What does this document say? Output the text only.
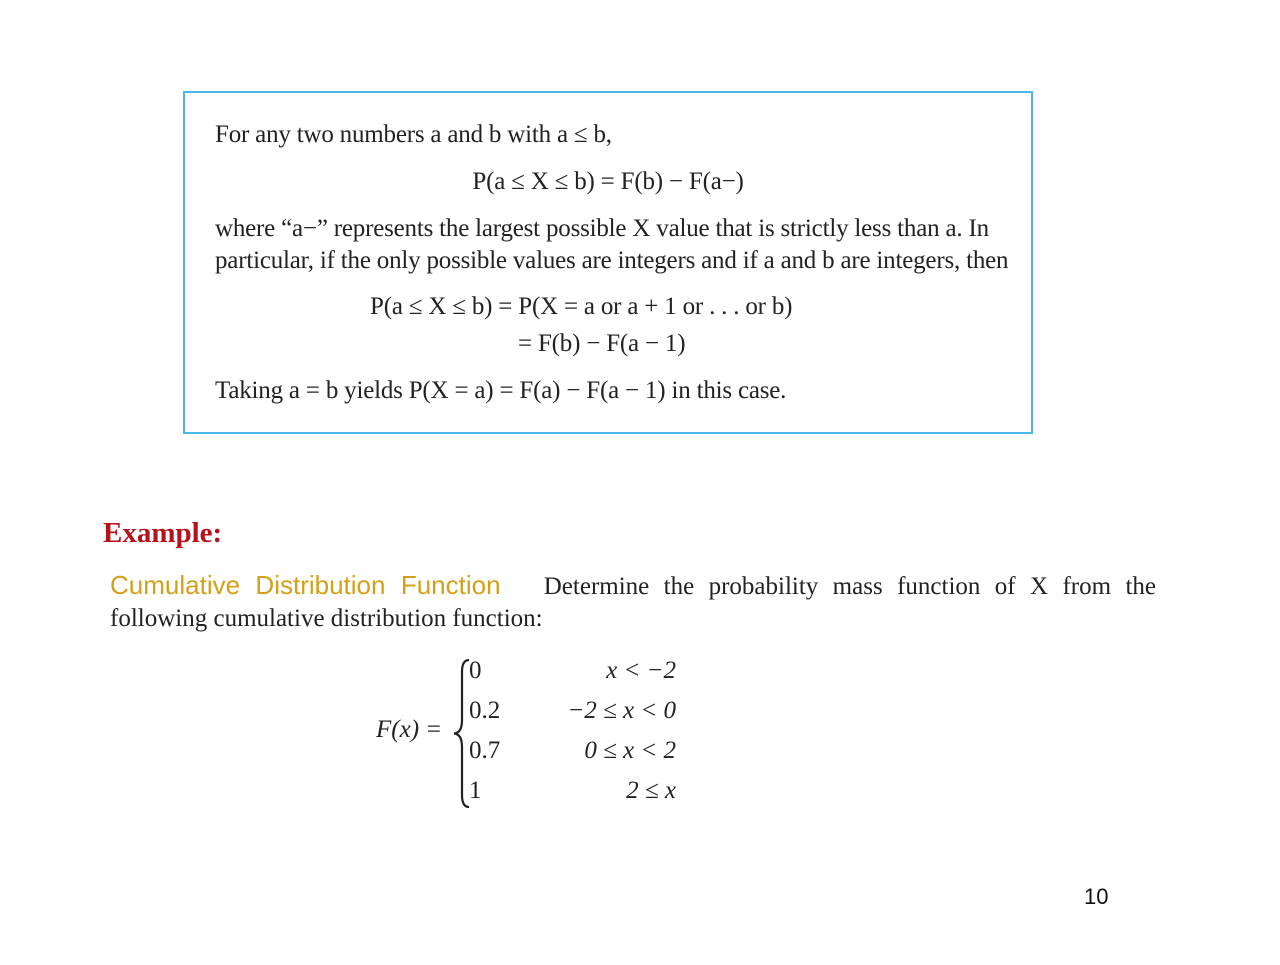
For any two numbers a and b with a ≤ b,
P(a ≤ X ≤ b) = F(b) − F(a−)
where “a−” represents the largest possible X value that is strictly less than a. In
particular, if the only possible values are integers and if a and b are integers, then
P(a ≤ X ≤ b) = P(X = a or a + 1 or . . . or b)
= F(b) − F(a − 1)
Taking a = b yields P(X = a) = F(a) − F(a − 1) in this case.
Example:
Cumulative Distribution Function Determine the probability mass function of X from the
following cumulative distribution function:
F(x) =
0	x < −2
0.2	−2 ≤ x < 0
0.7	0 ≤ x < 2
1	2 ≤ x
10
